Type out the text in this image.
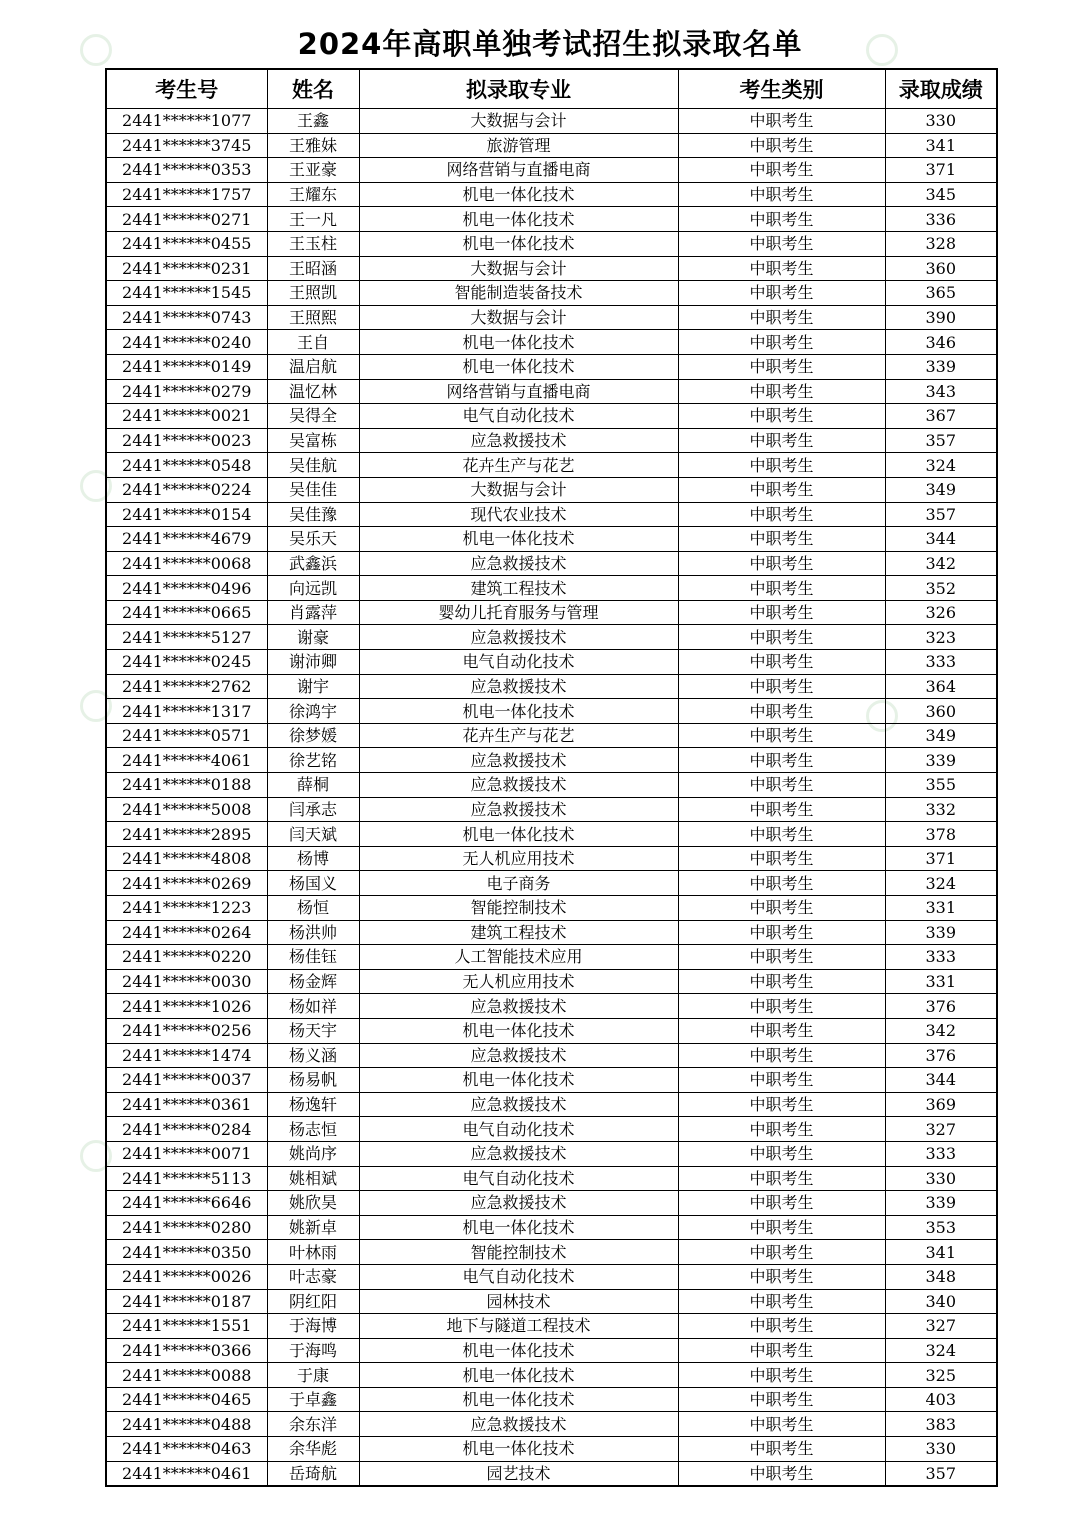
2024年高职单独考试招生拟录取名单
考生号	姓名	拟录取专业	考生类别	录取成绩
2441******1077	王鑫	大数据与会计	中职考生	330
2441******3745	王雅妹	旅游管理	中职考生	341
2441******0353	王亚豪	网络营销与直播电商	中职考生	371
2441******1757	王耀东	机电一体化技术	中职考生	345
2441******0271	王一凡	机电一体化技术	中职考生	336
2441******0455	王玉柱	机电一体化技术	中职考生	328
2441******0231	王昭涵	大数据与会计	中职考生	360
2441******1545	王照凯	智能制造装备技术	中职考生	365
2441******0743	王照熙	大数据与会计	中职考生	390
2441******0240	王自	机电一体化技术	中职考生	346
2441******0149	温启航	机电一体化技术	中职考生	339
2441******0279	温忆林	网络营销与直播电商	中职考生	343
2441******0021	吴得全	电气自动化技术	中职考生	367
2441******0023	吴富栋	应急救援技术	中职考生	357
2441******0548	吴佳航	花卉生产与花艺	中职考生	324
2441******0224	吴佳佳	大数据与会计	中职考生	349
2441******0154	吴佳豫	现代农业技术	中职考生	357
2441******4679	吴乐天	机电一体化技术	中职考生	344
2441******0068	武鑫浜	应急救援技术	中职考生	342
2441******0496	向远凯	建筑工程技术	中职考生	352
2441******0665	肖露萍	婴幼儿托育服务与管理	中职考生	326
2441******5127	谢豪	应急救援技术	中职考生	323
2441******0245	谢沛卿	电气自动化技术	中职考生	333
2441******2762	谢宇	应急救援技术	中职考生	364
2441******1317	徐鸿宇	机电一体化技术	中职考生	360
2441******0571	徐梦媛	花卉生产与花艺	中职考生	349
2441******4061	徐艺铭	应急救援技术	中职考生	339
2441******0188	薛桐	应急救援技术	中职考生	355
2441******5008	闫承志	应急救援技术	中职考生	332
2441******2895	闫天斌	机电一体化技术	中职考生	378
2441******4808	杨博	无人机应用技术	中职考生	371
2441******0269	杨国义	电子商务	中职考生	324
2441******1223	杨恒	智能控制技术	中职考生	331
2441******0264	杨洪帅	建筑工程技术	中职考生	339
2441******0220	杨佳钰	人工智能技术应用	中职考生	333
2441******0030	杨金辉	无人机应用技术	中职考生	331
2441******1026	杨如祥	应急救援技术	中职考生	376
2441******0256	杨天宇	机电一体化技术	中职考生	342
2441******1474	杨义涵	应急救援技术	中职考生	376
2441******0037	杨易帆	机电一体化技术	中职考生	344
2441******0361	杨逸轩	应急救援技术	中职考生	369
2441******0284	杨志恒	电气自动化技术	中职考生	327
2441******0071	姚尚序	应急救援技术	中职考生	333
2441******5113	姚相斌	电气自动化技术	中职考生	330
2441******6646	姚欣昊	应急救援技术	中职考生	339
2441******0280	姚新卓	机电一体化技术	中职考生	353
2441******0350	叶林雨	智能控制技术	中职考生	341
2441******0026	叶志豪	电气自动化技术	中职考生	348
2441******0187	阴红阳	园林技术	中职考生	340
2441******1551	于海博	地下与隧道工程技术	中职考生	327
2441******0366	于海鸣	机电一体化技术	中职考生	324
2441******0088	于康	机电一体化技术	中职考生	325
2441******0465	于卓鑫	机电一体化技术	中职考生	403
2441******0488	余东洋	应急救援技术	中职考生	383
2441******0463	余华彪	机电一体化技术	中职考生	330
2441******0461	岳琦航	园艺技术	中职考生	357
